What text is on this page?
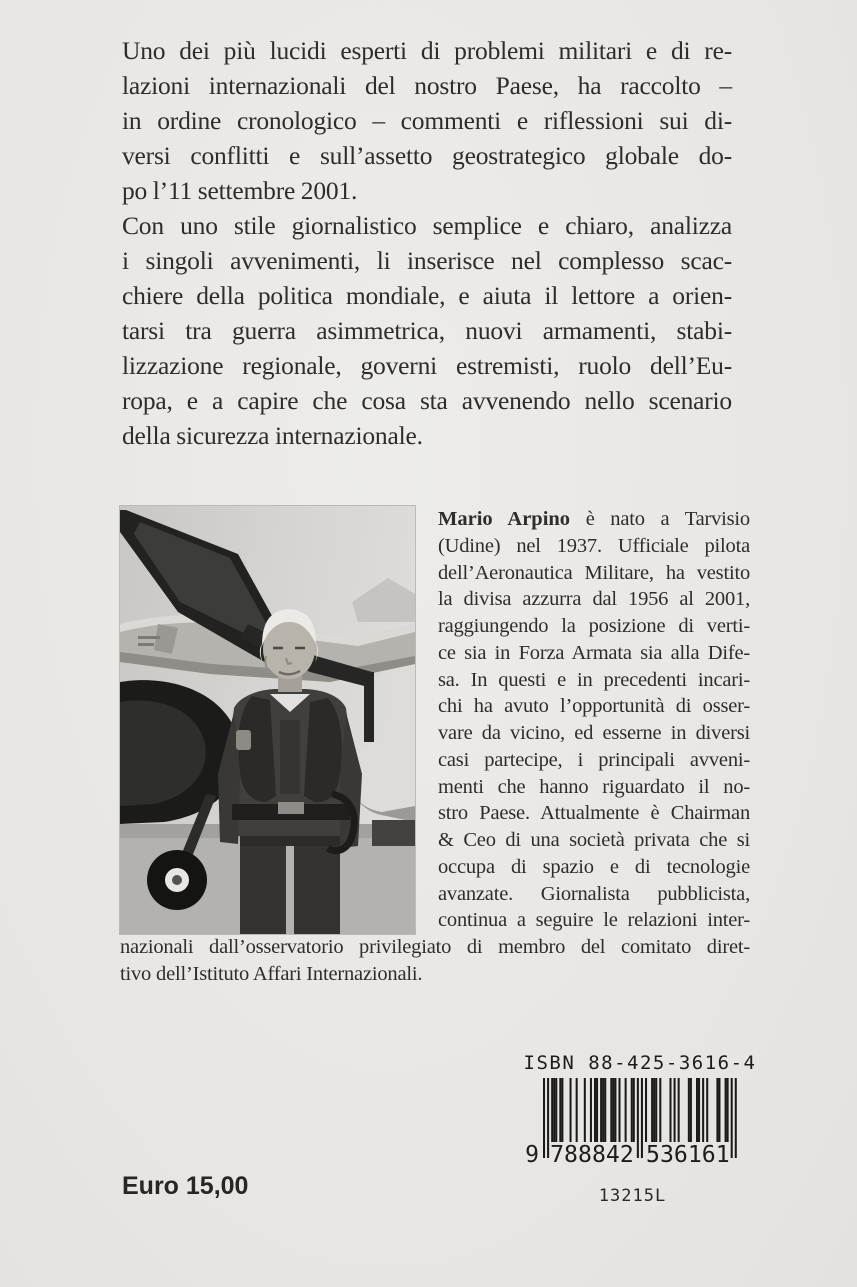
Uno dei più lucidi esperti di problemi militari e di re-
lazioni internazionali del nostro Paese, ha raccolto –
in ordine cronologico – commenti e riflessioni sui di-
versi conflitti e sull’assetto geostrategico globale do-
po l’11 settembre 2001.
Con uno stile giornalistico semplice e chiaro, analizza
i singoli avvenimenti, li inserisce nel complesso scac-
chiere della politica mondiale, e aiuta il lettore a orien-
tarsi tra guerra asimmetrica, nuovi armamenti, stabi-
lizzazione regionale, governi estremisti, ruolo dell’Eu-
ropa, e a capire che cosa sta avvenendo nello scenario
della sicurezza internazionale.
Mario Arpino è nato a Tarvisio
(Udine) nel 1937. Ufficiale pilota
dell’Aeronautica Militare, ha vestito
la divisa azzurra dal 1956 al 2001,
raggiungendo la posizione di verti-
ce sia in Forza Armata sia alla Dife-
sa. In questi e in precedenti incari-
chi ha avuto l’opportunità di osser-
vare da vicino, ed esserne in diversi
casi partecipe, i principali avveni-
menti che hanno riguardato il no-
stro Paese. Attualmente è Chairman
& Ceo di una società privata che si
occupa di spazio e di tecnologie
avanzate. Giornalista pubblicista,
continua a seguire le relazioni inter-
nazionali dall’osservatorio privilegiato di membro del comitato diret-
tivo dell’Istituto Affari Internazionali.
ISBN 88-425-3616-4
9 788842 536161
13215L
Euro 15,00
